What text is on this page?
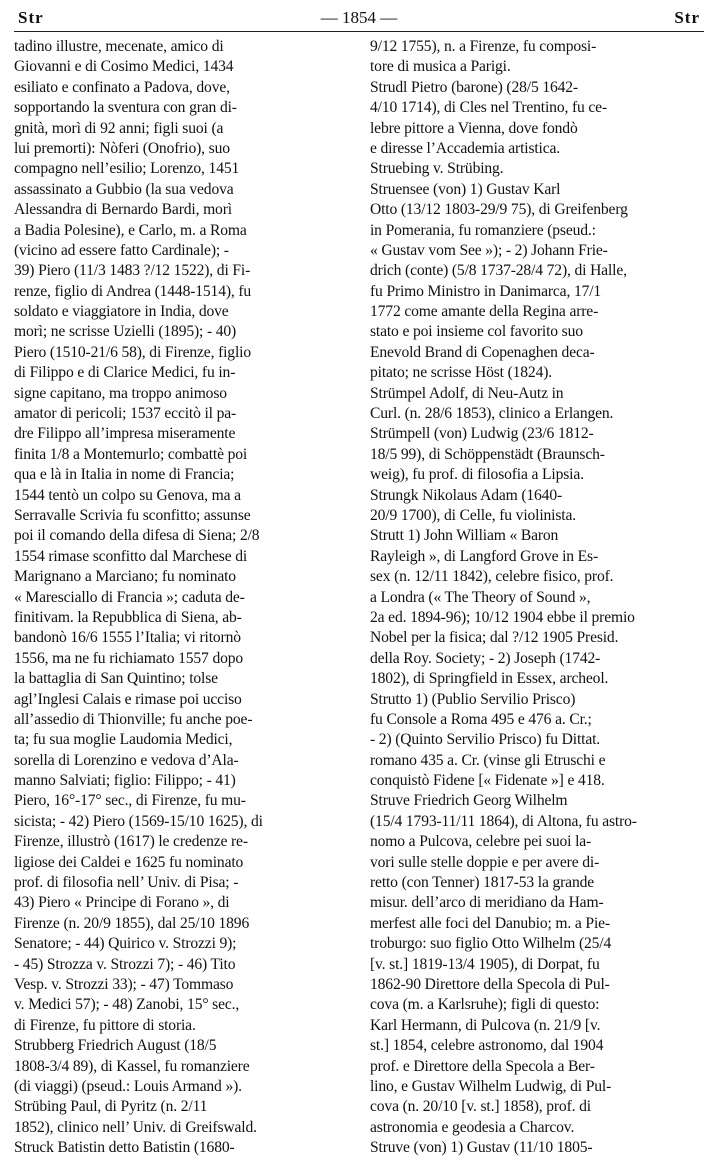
Str	— 1854 —	Str
tadino illustre, mecenate, amico di
Giovanni e di Cosimo Medici, 1434
esiliato e confinato a Padova, dove,
sopportando la sventura con gran di-
gnità, morì di 92 anni; figli suoi (a
lui premorti): Nòferi (Onofrio), suo
compagno nell’esilio; Lorenzo, 1451
assassinato a Gubbio (la sua vedova
Alessandra di Bernardo Bardi, morì
a Badia Polesine), e Carlo, m. a Roma
(vicino ad essere fatto Cardinale); -
39) Piero (11/3 1483 ?/12 1522), di Fi-
renze, figlio di Andrea (1448-1514), fu
soldato e viaggiatore in India, dove
morì; ne scrisse Uzielli (1895); - 40)
Piero (1510-21/6 58), di Firenze, figlio
di Filippo e di Clarice Medici, fu in-
signe capitano, ma troppo animoso
amator di pericoli; 1537 eccitò il pa-
dre Filippo all’impresa miseramente
finita 1/8 a Montemurlo; combattè poi
qua e là in Italia in nome di Francia;
1544 tentò un colpo su Genova, ma a
Serravalle Scrivia fu sconfitto; assunse
poi il comando della difesa di Siena; 2/8
1554 rimase sconfitto dal Marchese di
Marignano a Marciano; fu nominato
« Maresciallo di Francia »; caduta de-
finitivam. la Repubblica di Siena, ab-
bandonò 16/6 1555 l’Italia; vi ritornò
1556, ma ne fu richiamato 1557 dopo
la battaglia di San Quintino; tolse
agl’Inglesi Calais e rimase poi ucciso
all’assedio di Thionville; fu anche poe-
ta; fu sua moglie Laudomia Medici,
sorella di Lorenzino e vedova d’Ala-
manno Salviati; figlio: Filippo; - 41)
Piero, 16°-17° sec., di Firenze, fu mu-
sicista; - 42) Piero (1569-15/10 1625), di
Firenze, illustrò (1617) le credenze re-
ligiose dei Caldei e 1625 fu nominato
prof. di filosofia nell’ Univ. di Pisa; -
43) Piero « Principe di Forano », di
Firenze (n. 20/9 1855), dal 25/10 1896
Senatore; - 44) Quirico v. Strozzi 9);
- 45) Strozza v. Strozzi 7); - 46) Tito
Vesp. v. Strozzi 33); - 47) Tommaso
v. Medici 57); - 48) Zanobi, 15° sec.,
di Firenze, fu pittore di storia.
Strubberg Friedrich August (18/5
1808-3/4 89), di Kassel, fu romanziere
(di viaggi) (pseud.: Louis Armand »).
Strübing Paul, di Pyritz (n. 2/11
1852), clinico nell’ Univ. di Greifswald.
Struck Batistin detto Batistin (1680-
9/12 1755), n. a Firenze, fu composi-
tore di musica a Parigi.
Strudl Pietro (barone) (28/5 1642-
4/10 1714), di Cles nel Trentino, fu ce-
lebre pittore a Vienna, dove fondò
e diresse l’Accademia artistica.
Struebing v. Strübing.
Struensee (von) 1) Gustav Karl
Otto (13/12 1803-29/9 75), di Greifenberg
in Pomerania, fu romanziere (pseud.:
« Gustav vom See »); - 2) Johann Frie-
drich (conte) (5/8 1737-28/4 72), di Halle,
fu Primo Ministro in Danimarca, 17/1
1772 come amante della Regina arre-
stato e poi insieme col favorito suo
Enevold Brand di Copenaghen deca-
pitato; ne scrisse Höst (1824).
Strümpel Adolf, di Neu-Autz in
Curl. (n. 28/6 1853), clinico a Erlangen.
Strümpell (von) Ludwig (23/6 1812-
18/5 99), di Schöppenstädt (Braunsch-
weig), fu prof. di filosofia a Lipsia.
Strungk Nikolaus Adam (1640-
20/9 1700), di Celle, fu violinista.
Strutt 1) John William « Baron
Rayleigh », di Langford Grove in Es-
sex (n. 12/11 1842), celebre fisico, prof.
a Londra (« The Theory of Sound »,
2a ed. 1894-96); 10/12 1904 ebbe il premio
Nobel per la fisica; dal ?/12 1905 Presid.
della Roy. Society; - 2) Joseph (1742-
1802), di Springfield in Essex, archeol.
Strutto 1) (Publio Servilio Prisco)
fu Console a Roma 495 e 476 a. Cr.;
- 2) (Quinto Servilio Prisco) fu Dittat.
romano 435 a. Cr. (vinse gli Etruschi e
conquistò Fidene [« Fidenate »] e 418.
Struve Friedrich Georg Wilhelm
(15/4 1793-11/11 1864), di Altona, fu astro-
nomo a Pulcova, celebre pei suoi la-
vori sulle stelle doppie e per avere di-
retto (con Tenner) 1817-53 la grande
misur. dell’arco di meridiano da Ham-
merfest alle foci del Danubio; m. a Pie-
troburgo: suo figlio Otto Wilhelm (25/4
[v. st.] 1819-13/4 1905), di Dorpat, fu
1862-90 Direttore della Specola di Pul-
cova (m. a Karlsruhe); figli di questo:
Karl Hermann, di Pulcova (n. 21/9 [v.
st.] 1854, celebre astronomo, dal 1904
prof. e Direttore della Specola a Ber-
lino, e Gustav Wilhelm Ludwig, di Pul-
cova (n. 20/10 [v. st.] 1858), prof. di
astronomia e geodesia a Charcov.
Struve (von) 1) Gustav (11/10 1805-
